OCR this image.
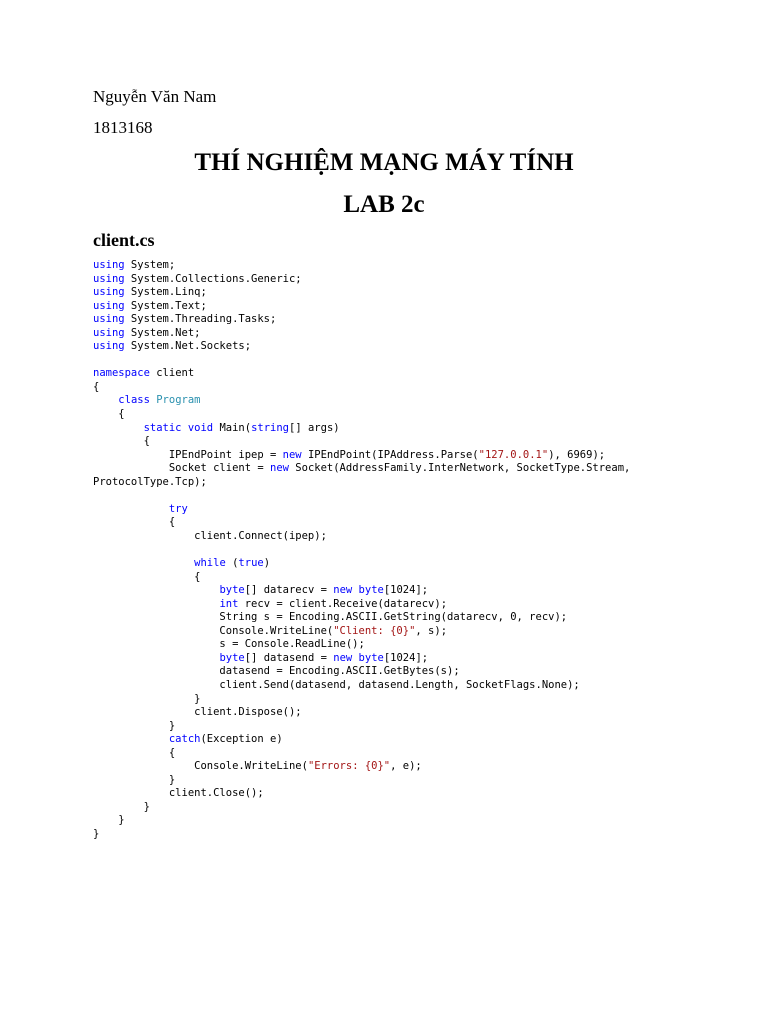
Nguyễn Văn Nam
1813168
THÍ NGHIỆM MẠNG MÁY TÍNH
LAB 2c
client.cs
using System;
using System.Collections.Generic;
using System.Linq;
using System.Text;
using System.Threading.Tasks;
using System.Net;
using System.Net.Sockets;

namespace client
{
class Program
{
static void Main(string[] args)
{
IPEndPoint ipep = new IPEndPoint(IPAddress.Parse("127.0.0.1"), 6969);
Socket client = new Socket(AddressFamily.InterNetwork, SocketType.Stream,
ProtocolType.Tcp);

try
{
client.Connect(ipep);

while (true)
{
byte[] datarecv = new byte[1024];
int recv = client.Receive(datarecv);
String s = Encoding.ASCII.GetString(datarecv, 0, recv);
Console.WriteLine("Client: {0}", s);
s = Console.ReadLine();
byte[] datasend = new byte[1024];
datasend = Encoding.ASCII.GetBytes(s);
client.Send(datasend, datasend.Length, SocketFlags.None);
}
client.Dispose();
}
catch(Exception e)
{
Console.WriteLine("Errors: {0}", e);
}
client.Close();
}
}
}
